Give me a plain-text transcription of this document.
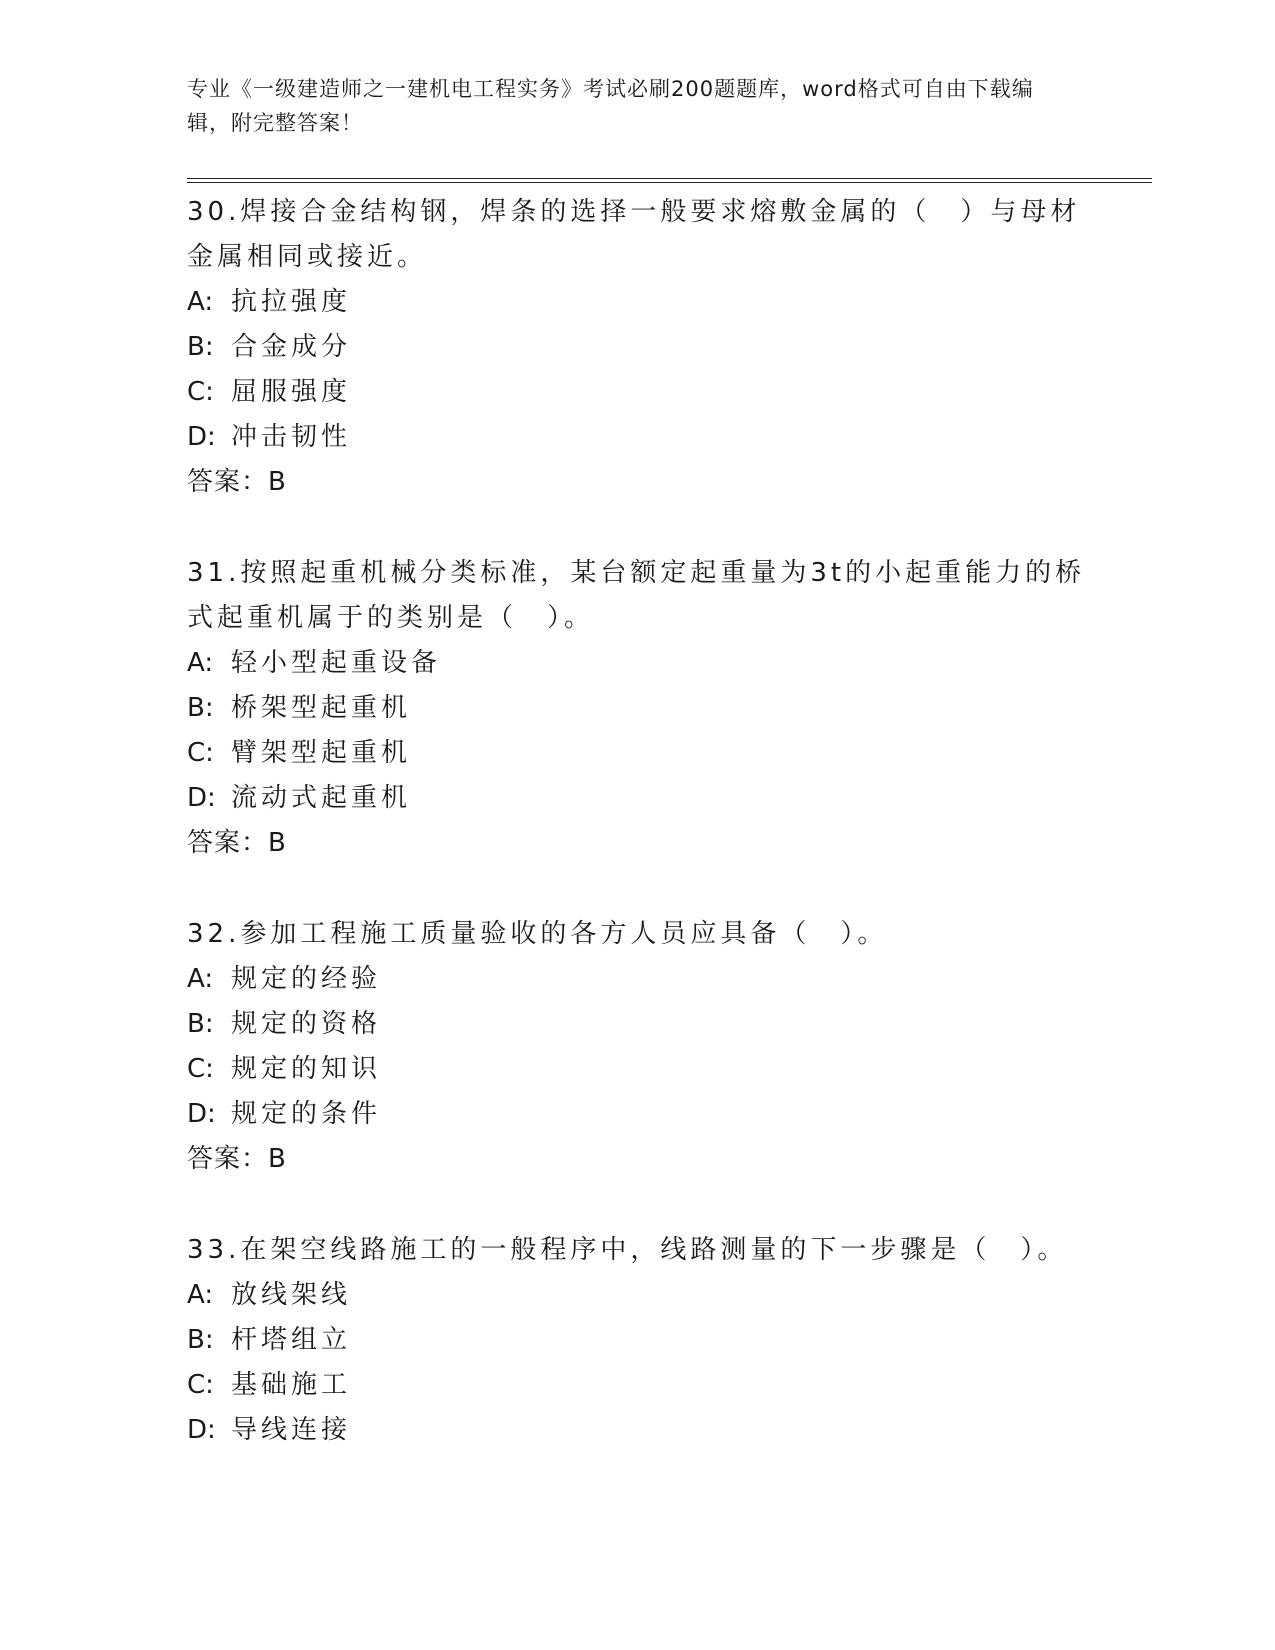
专业《一级建造师之一建机电工程实务》考试必刷200题题库，word格式可自由下载编辑，附完整答案！

30.焊接合金结构钢，焊条的选择一般要求熔敷金属的（　）与母材金属相同或接近。

A: 抗拉强度

B: 合金成分

C: 屈服强度

D: 冲击韧性

答案：B

31.按照起重机械分类标准，某台额定起重量为3t的小起重能力的桥式起重机属于的类别是（　）。

A: 轻小型起重设备

B: 桥架型起重机

C: 臂架型起重机

D: 流动式起重机

答案：B

32.参加工程施工质量验收的各方人员应具备（　）。

A: 规定的经验

B: 规定的资格

C: 规定的知识

D: 规定的条件

答案：B

33.在架空线路施工的一般程序中，线路测量的下一步骤是（　）。

A: 放线架线

B: 杆塔组立

C: 基础施工

D: 导线连接
